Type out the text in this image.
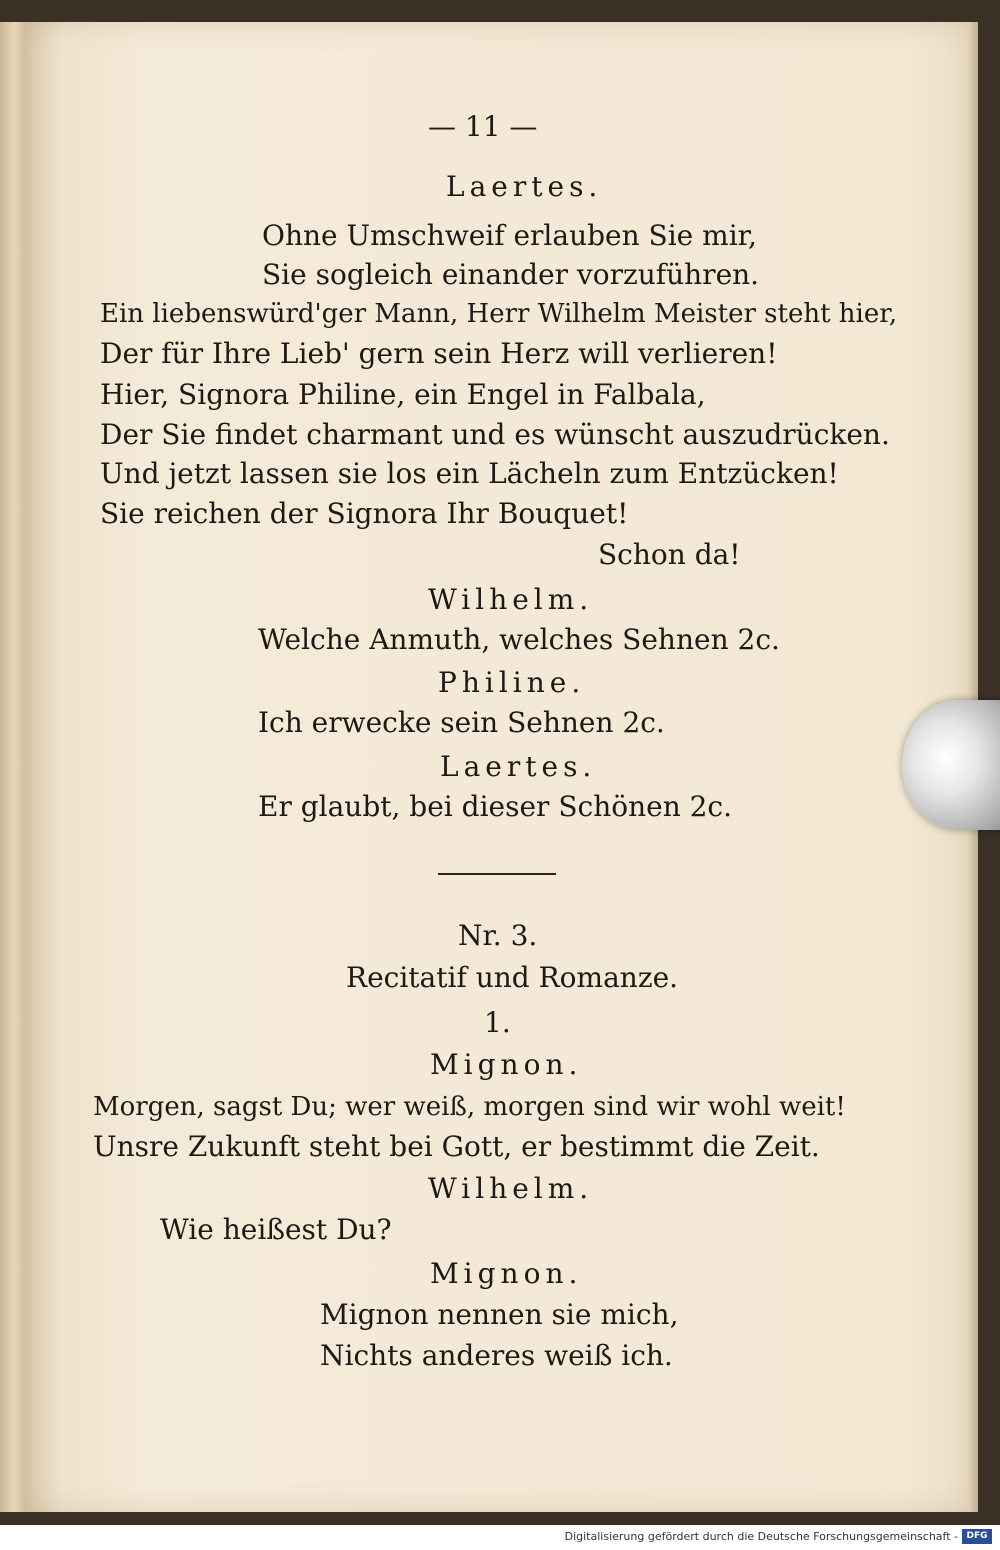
— 11 —
Laertes.
Ohne Umschweif erlauben Sie mir,
Sie sogleich einander vorzuführen.
Ein liebenswürd'ger Mann, Herr Wilhelm Meister steht hier,
Der für Ihre Lieb' gern sein Herz will verlieren!
Hier, Signora Philine, ein Engel in Falbala,
Der Sie findet charmant und es wünscht auszudrücken.
Und jetzt lassen sie los ein Lächeln zum Entzücken!
Sie reichen der Signora Ihr Bouquet!
Schon da!
Wilhelm.
Welche Anmuth, welches Sehnen 2c.
Philine.
Ich erwecke sein Sehnen 2c.
Laertes.
Er glaubt, bei dieser Schönen 2c.
Nr. 3.
Recitatif und Romanze.
1.
Mignon.
Morgen, sagst Du; wer weiß, morgen sind wir wohl weit!
Unsre Zukunft steht bei Gott, er bestimmt die Zeit.
Wilhelm.
Wie heißest Du?
Mignon.
Mignon nennen sie mich,
Nichts anderes weiß ich.
Digitalisierung gefördert durch die Deutsche Forschungsgemeinschaft - DFG
